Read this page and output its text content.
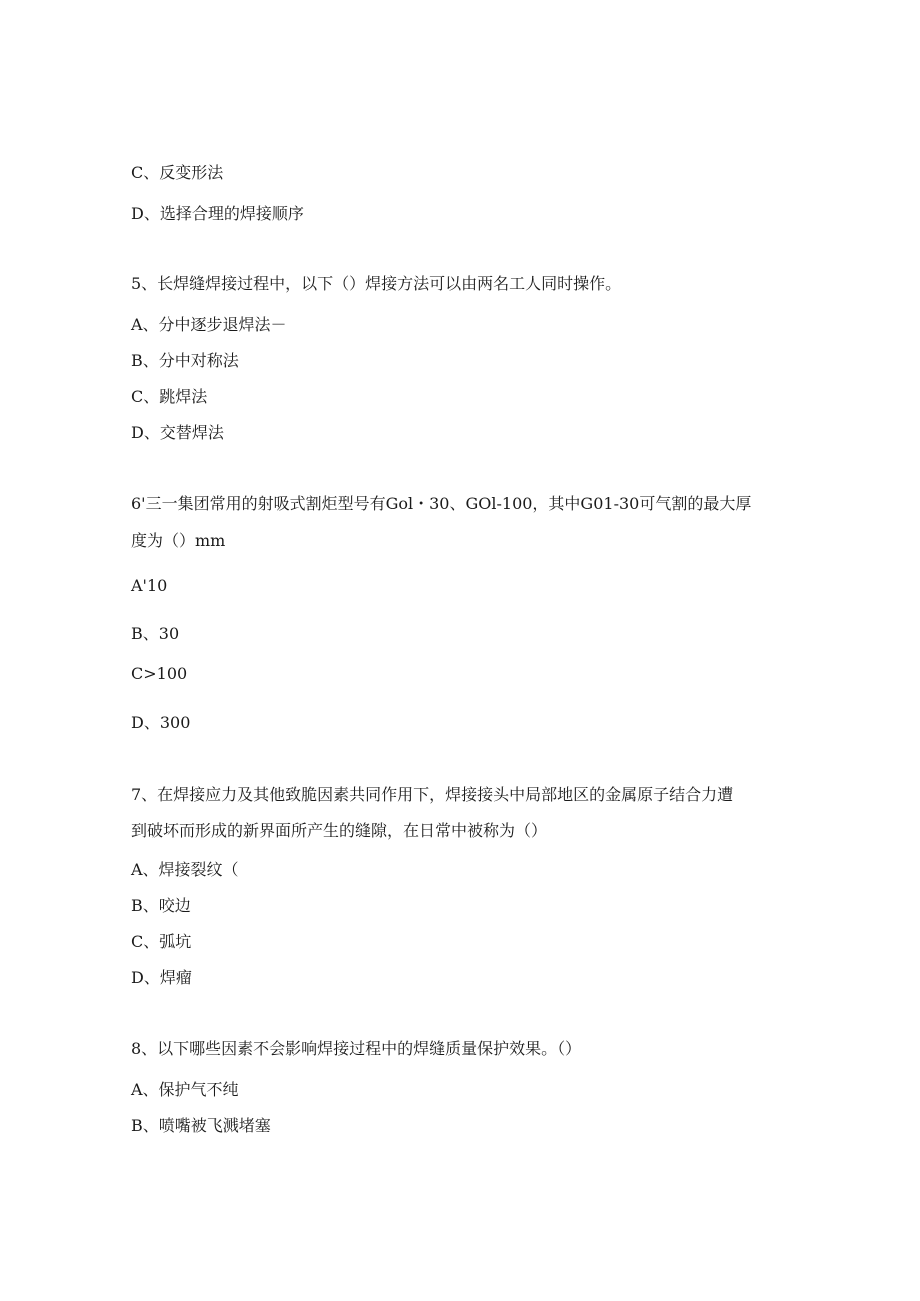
C、反变形法

D、选择合理的焊接顺序

5、长焊缝焊接过程中，以下（）焊接方法可以由两名工人同时操作。

A、分中逐步退焊法－

B、分中对称法

C、跳焊法

D、交替焊法

6'三一集团常用的射吸式割炬型号有Gol・30、GOl-100，其中G01-30可气割的最大厚

度为（）mm

A'10

B、30

C>100

D、300

7、在焊接应力及其他致脆因素共同作用下，焊接接头中局部地区的金属原子结合力遭

到破坏而形成的新界面所产生的缝隙，在日常中被称为（）

A、焊接裂纹（

B、咬边

C、弧坑

D、焊瘤

8、以下哪些因素不会影响焊接过程中的焊缝质量保护效果。（）

A、保护气不纯

B、喷嘴被飞溅堵塞
